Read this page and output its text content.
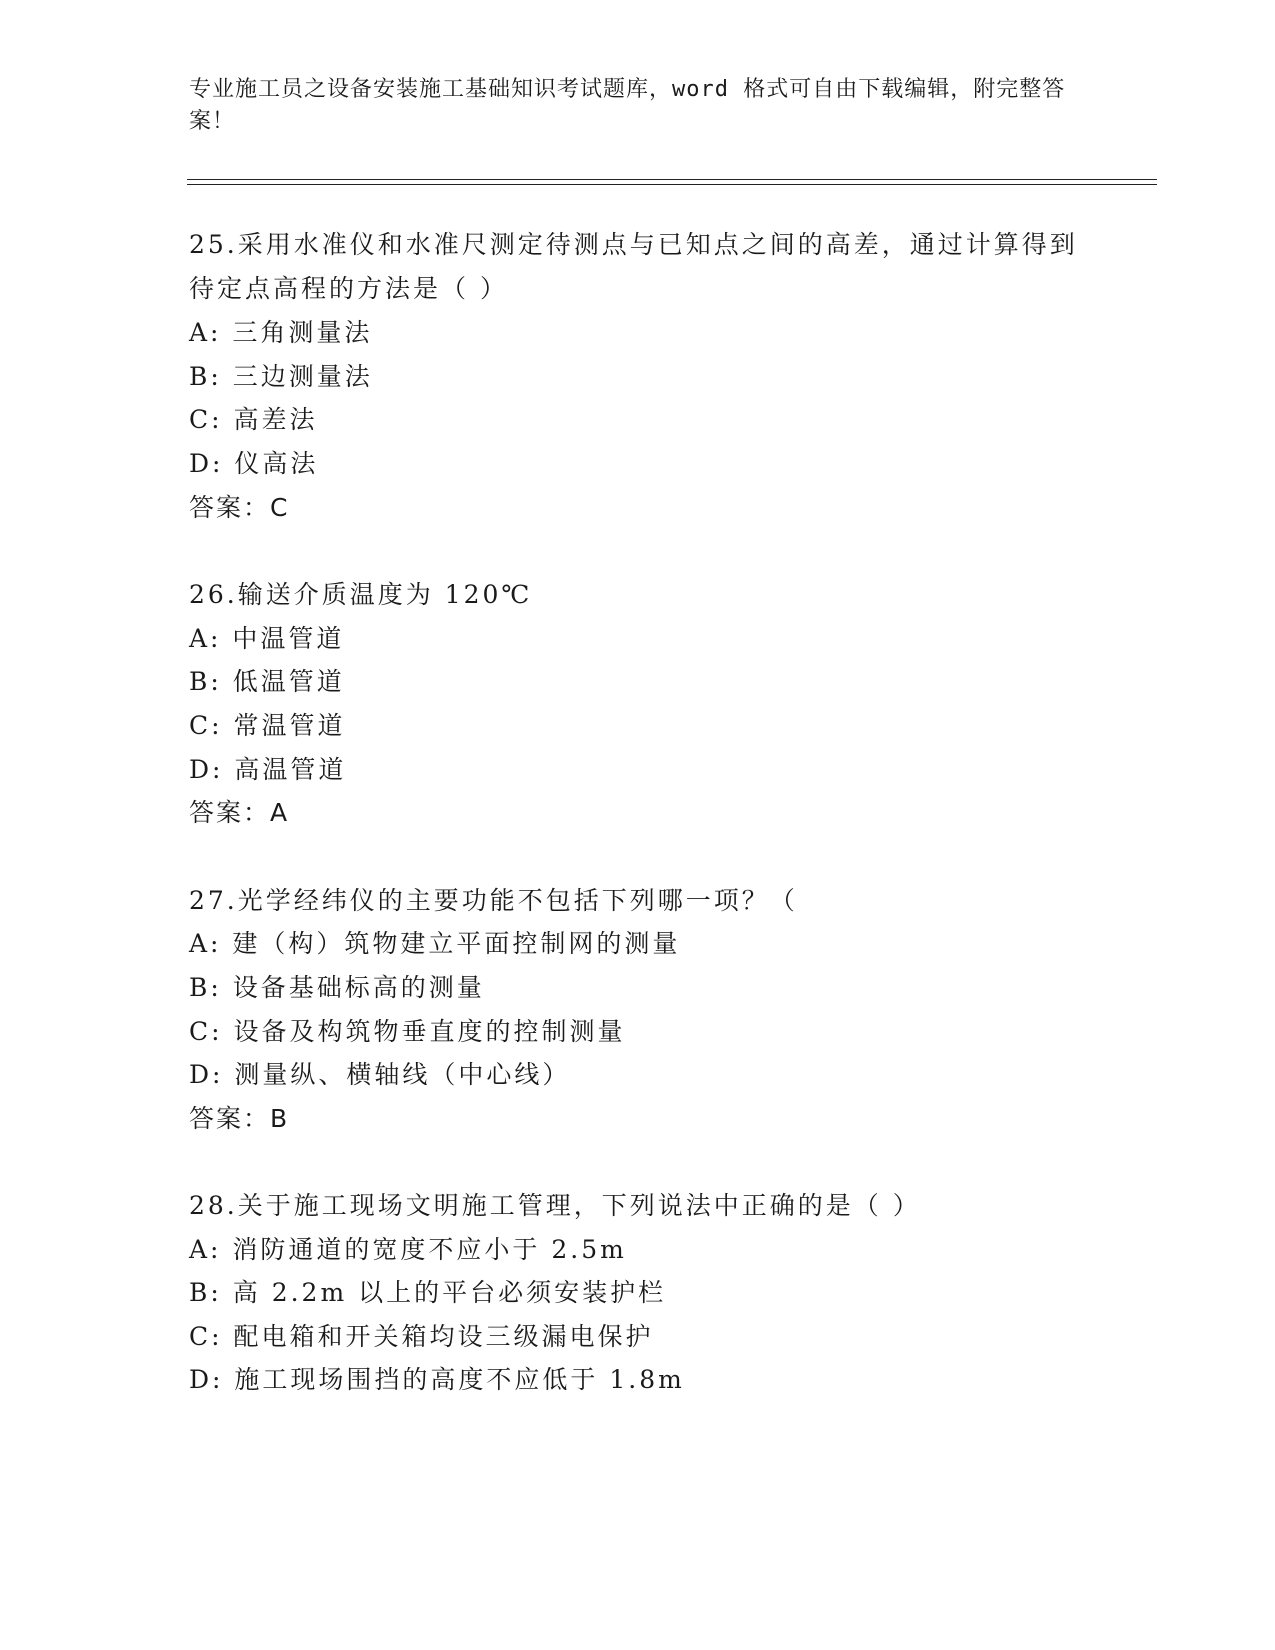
专业施工员之设备安装施工基础知识考试题库，word 格式可自由下载编辑，附完整答案！
25.采用水准仪和水准尺测定待测点与已知点之间的高差，通过计算得到待定点高程的方法是（ ）
A: 三角测量法
B: 三边测量法
C: 高差法
D: 仪高法
答案：C
26.输送介质温度为 120℃
A: 中温管道
B: 低温管道
C: 常温管道
D: 高温管道
答案：A
27.光学经纬仪的主要功能不包括下列哪一项？（
A: 建（构）筑物建立平面控制网的测量
B: 设备基础标高的测量
C: 设备及构筑物垂直度的控制测量
D: 测量纵、横轴线（中心线）
答案：B
28.关于施工现场文明施工管理，下列说法中正确的是（ ）
A: 消防通道的宽度不应小于 2.5m
B: 高 2.2m 以上的平台必须安装护栏
C: 配电箱和开关箱均设三级漏电保护
D: 施工现场围挡的高度不应低于 1.8m
